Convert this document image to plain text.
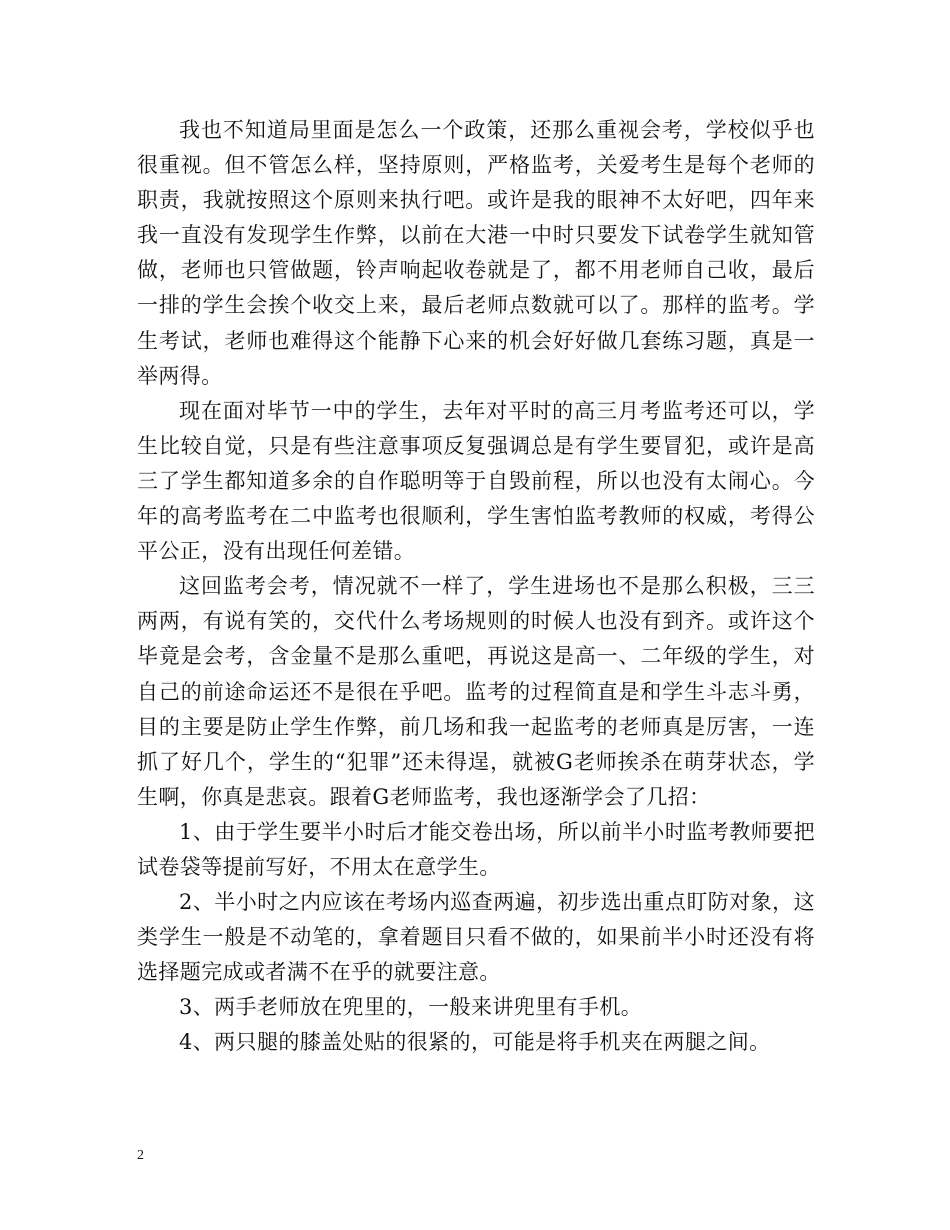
我也不知道局里面是怎么一个政策，还那么重视会考，学校似乎也很重视。但不管怎么样，坚持原则，严格监考，关爱考生是每个老师的职责，我就按照这个原则来执行吧。或许是我的眼神不太好吧，四年来我一直没有发现学生作弊，以前在大港一中时只要发下试卷学生就知管做，老师也只管做题，铃声响起收卷就是了，都不用老师自己收，最后一排的学生会挨个收交上来，最后老师点数就可以了。那样的监考。学生考试，老师也难得这个能静下心来的机会好好做几套练习题，真是一举两得。

现在面对毕节一中的学生，去年对平时的高三月考监考还可以，学生比较自觉，只是有些注意事项反复强调总是有学生要冒犯，或许是高三了学生都知道多余的自作聪明等于自毁前程，所以也没有太闹心。今年的高考监考在二中监考也很顺利，学生害怕监考教师的权威，考得公平公正，没有出现任何差错。

这回监考会考，情况就不一样了，学生进场也不是那么积极，三三两两，有说有笑的，交代什么考场规则的时候人也没有到齐。或许这个毕竟是会考，含金量不是那么重吧，再说这是高一、二年级的学生，对自己的前途命运还不是很在乎吧。监考的过程简直是和学生斗志斗勇，目的主要是防止学生作弊，前几场和我一起监考的老师真是厉害，一连抓了好几个，学生的“犯罪”还未得逞，就被G老师挨杀在萌芽状态，学生啊，你真是悲哀。跟着G老师监考，我也逐渐学会了几招：

1、由于学生要半小时后才能交卷出场，所以前半小时监考教师要把试卷袋等提前写好，不用太在意学生。

2、半小时之内应该在考场内巡查两遍，初步选出重点盯防对象，这类学生一般是不动笔的，拿着题目只看不做的，如果前半小时还没有将选择题完成或者满不在乎的就要注意。

3、两手老师放在兜里的，一般来讲兜里有手机。

4、两只腿的膝盖处贴的很紧的，可能是将手机夹在两腿之间。

2
